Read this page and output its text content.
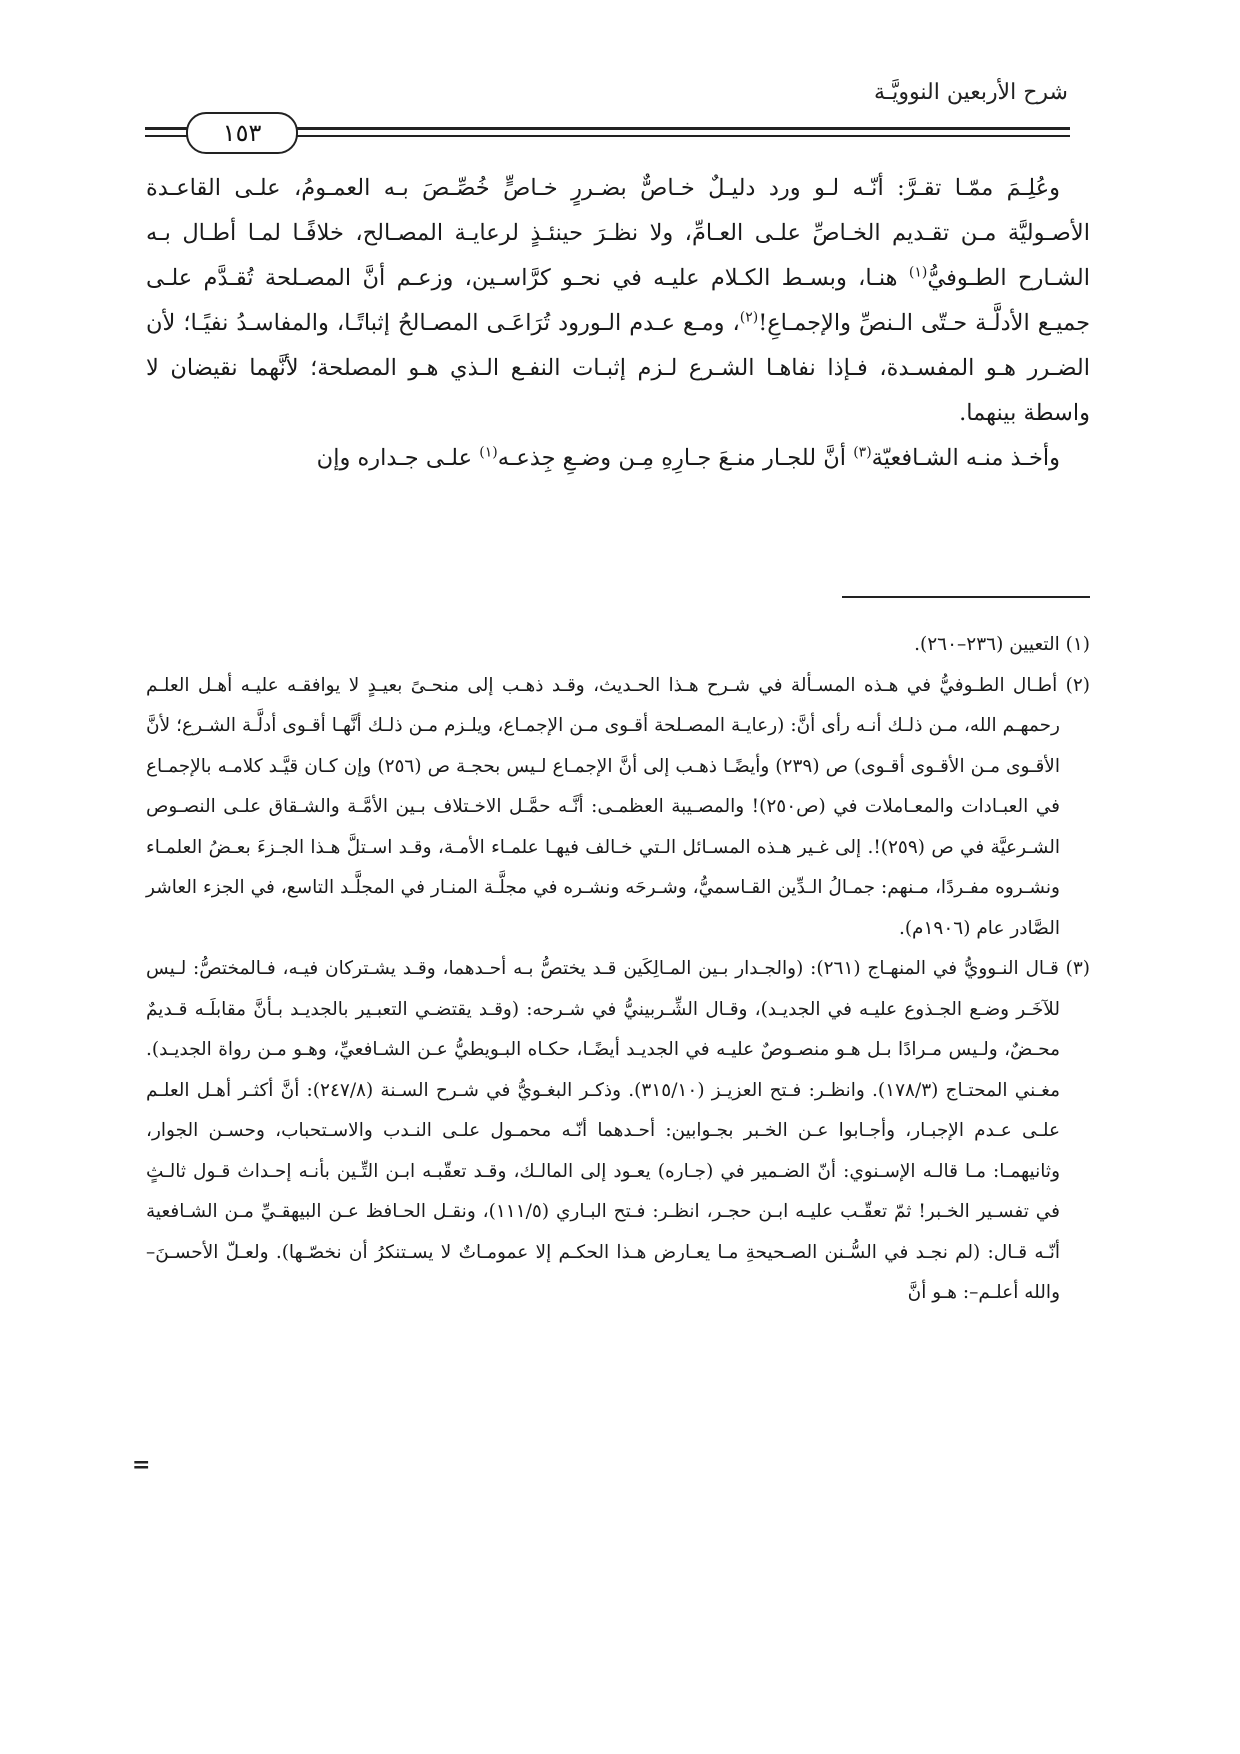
شرح الأربعين النوويَّـة
١٥٣

وعُلِـمَ ممّـا تقـرَّ: أنّـه لـو ورد دليـلٌ خـاصٌّ بضـررٍ خـاصٍّ خُصِّـصَ بـه العمـومُ، علـى القاعـدة الأصـوليَّة مـن تقـديم الخـاصِّ علـى العـامِّ، ولا نظـرَ حينئـذٍ لرعايـة المصـالح، خلافًـا لمـا أطـال بـه الشـارح الطـوفيُّ$^{(١)}$ هنـا، وبسـط الكـلام عليـه في نحـو كرَّاسـين، وزعـم أنَّ المصـلحة تُقـدَّم علـى جميـع الأدلَّـة حـتّى الـنصِّ والإجمـاعِ!$^{(٢)}$، ومـع عـدم الـورود تُرَاعَـى المصـالحُ إثباتًـا، والمفاسـدُ نفيًـا؛ لأن الضـرر هـو المفسـدة، فـإذا نفاهـا الشـرع لـزم إثبـات النفـع الـذي هـو المصلحة؛ لأنَّهما نقيضان لا واسطة بينهما.

وأخـذ منـه الشـافعيّة$^{(٣)}$ أنَّ للجـار منـعَ جـارِهِ مِـن وضـعِ جِذعـه$^{(١)}$ علـى جـداره وإن

(١) التعيين (٢٣٦–٢٦٠).

(٢) أطـال الطـوفيُّ في هـذه المسـألة في شـرح هـذا الحـديث، وقـد ذهـب إلى منحـىً بعيـدٍ لا يوافقـه عليـه أهـل العلـم رحمهـم الله، مـن ذلـك أنـه رأى أنَّ: (رعايـة المصـلحة أقـوى مـن الإجمـاع، ويلـزم مـن ذلـك أنَّهـا أقـوى أدلَّـة الشـرع؛ لأنَّ الأقـوى مـن الأقـوى أقـوى) ص (٢٣٩) وأيضًـا ذهـب إلى أنَّ الإجمـاع لـيس بحجـة ص (٢٥٦) وإن كـان قيَّـد كلامـه بالإجمـاع في العبـادات والمعـاملات في (ص٢٥٠)! والمصـيبة العظمـى: أنَّـه حمَّـل الاخـتلاف بـين الأمَّـة والشـقاق علـى النصـوص الشـرعيَّة في ص (٢٥٩)!. إلى غـير هـذه المسـائل الـتي خـالف فيهـا علمـاء الأمـة، وقـد اسـتلَّ هـذا الجـزءَ بعـضُ العلمـاء ونشـروه مفـردًا، مـنهم: جمـالُ الـدِّين القـاسميُّ، وشـرحَه ونشـره في مجلَّـة المنـار في المجلَّـد التاسع، في الجزء العاشر الصَّادر عام (١٩٠٦م).

(٣) قـال النـوويُّ في المنهـاج (٢٦١): (والجـدار بـين المـالِكَين قـد يختصُّ بـه أحـدهما، وقـد يشـتركان فيـه، فـالمختصُّ: لـيس للآخَـر وضـع الجـذوع عليـه في الجديـد)، وقـال الشِّـربينيُّ في شـرحه: (وقـد يقتضـي التعبـير بالجديـد بـأنَّ مقابلَـه قـديمٌ محـضٌ، ولـيس مـرادًا بـل هـو منصـوصٌ عليـه في الجديـد أيضًـا، حكـاه البـويطيُّ عـن الشـافعيِّ، وهـو مـن رواة الجديـد). مغـني المحتـاج (١٧٨/٣). وانظـر: فـتح العزيـز (٣١٥/١٠). وذكـر البغـويُّ في شـرح السـنة (٢٤٧/٨): أنَّ أكثـر أهـل العلـم علـى عـدم الإجبـار، وأجـابوا عـن الخـبر بجـوابين: أحـدهما أنّـه محمـول علـى النـدب والاسـتحباب، وحسـن الجوار، وثانيهمـا: مـا قالـه الإسـنوي: أنّ الضـمير في (جـاره) يعـود إلى المالـك، وقـد تعقّبـه ابـن التِّـين بأنـه إحـداث قـول ثالـثٍ في تفسـير الخـبر! ثمّ تعقّـب عليـه ابـن حجـر، انظـر: فـتح البـاري (١١١/٥)، ونقـل الحـافظ عـن البيهقـيِّ مـن الشـافعية أنّـه قـال: (لم نجـد في السُّـنن الصـحيحةِ مـا يعـارض هـذا الحكـم إلا عمومـاتٌ لا يسـتنكرُ أن نخصّـها). ولعـلّ الأحسـنَ–والله أعلـم–: هـو أنَّ

=
